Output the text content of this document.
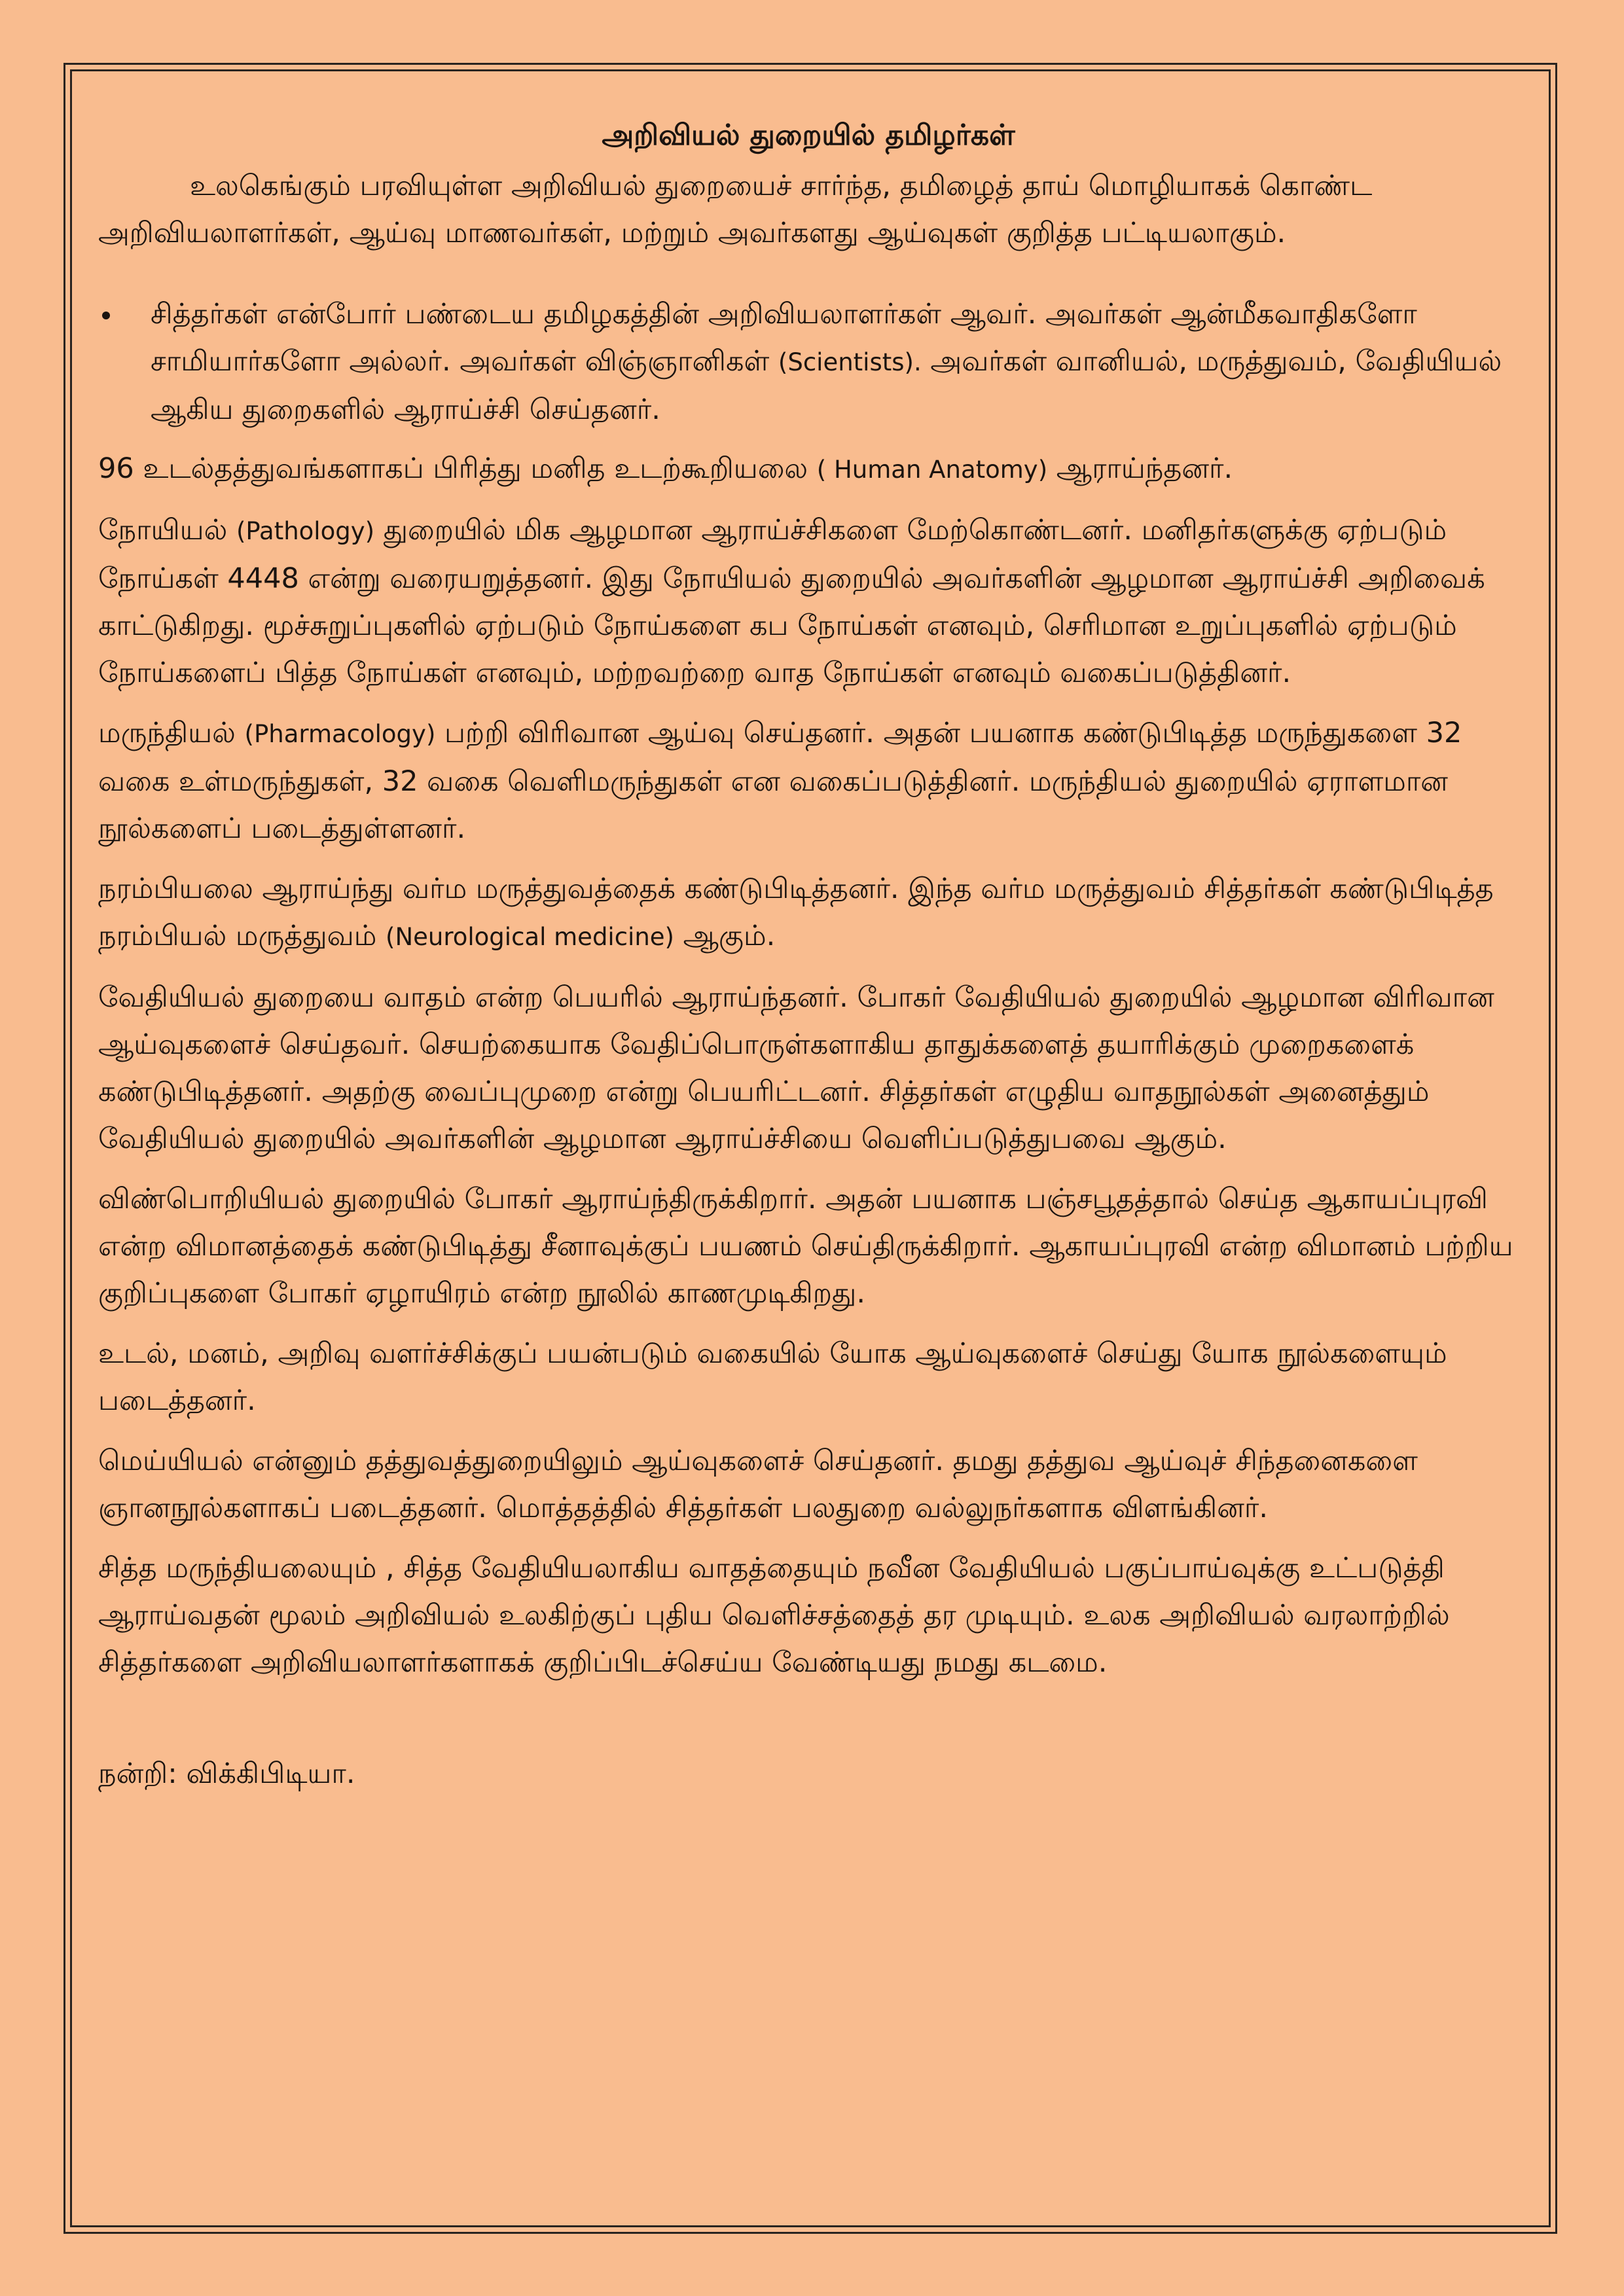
அறிவியல் துறையில் தமிழர்கள்

உலகெங்கும் பரவியுள்ள அறிவியல் துறையைச் சார்ந்த, தமிழைத் தாய் மொழியாகக் கொண்ட அறிவியலாளர்கள், ஆய்வு மாணவர்கள், மற்றும் அவர்களது ஆய்வுகள் குறித்த பட்டியலாகும்.

சித்தர்கள் என்போர் பண்டைய தமிழகத்தின் அறிவியலாளர்கள் ஆவர். அவர்கள் ஆன்மீகவாதிகளோ சாமியார்களோ அல்லர். அவர்கள் விஞ்ஞானிகள் (Scientists). அவர்கள் வானியல், மருத்துவம், வேதியியல் ஆகிய துறைகளில் ஆராய்ச்சி செய்தனர்.

96 உடல்தத்துவங்களாகப் பிரித்து மனித உடற்கூறியலை ( Human Anatomy) ஆராய்ந்தனர்.

நோயியல் (Pathology) துறையில் மிக ஆழமான ஆராய்ச்சிகளை மேற்கொண்டனர். மனிதர்களுக்கு ஏற்படும் நோய்கள் 4448 என்று வரையறுத்தனர். இது நோயியல் துறையில் அவர்களின் ஆழமான ஆராய்ச்சி அறிவைக் காட்டுகிறது. மூச்சுறுப்புகளில் ஏற்படும் நோய்களை கப நோய்கள் எனவும், செரிமான உறுப்புகளில் ஏற்படும் நோய்களைப் பித்த நோய்கள் எனவும், மற்றவற்றை வாத நோய்கள் எனவும் வகைப்படுத்தினர்.

மருந்தியல் (Pharmacology) பற்றி விரிவான ஆய்வு செய்தனர். அதன் பயனாக கண்டுபிடித்த மருந்துகளை 32 வகை உள்மருந்துகள், 32 வகை வெளிமருந்துகள் என வகைப்படுத்தினர். மருந்தியல் துறையில் ஏராளமான நூல்களைப் படைத்துள்ளனர்.

நரம்பியலை ஆராய்ந்து வர்ம மருத்துவத்தைக் கண்டுபிடித்தனர். இந்த வர்ம மருத்துவம் சித்தர்கள் கண்டுபிடித்த நரம்பியல் மருத்துவம் (Neurological medicine) ஆகும்.

வேதியியல் துறையை வாதம் என்ற பெயரில் ஆராய்ந்தனர். போகர் வேதியியல் துறையில் ஆழமான விரிவான ஆய்வுகளைச் செய்தவர். செயற்கையாக வேதிப்பொருள்களாகிய தாதுக்களைத் தயாரிக்கும் முறைகளைக் கண்டுபிடித்தனர். அதற்கு வைப்புமுறை என்று பெயரிட்டனர். சித்தர்கள் எழுதிய வாதநூல்கள் அனைத்தும் வேதியியல் துறையில் அவர்களின் ஆழமான ஆராய்ச்சியை வெளிப்படுத்துபவை ஆகும்.

விண்பொறியியல் துறையில் போகர் ஆராய்ந்திருக்கிறார். அதன் பயனாக பஞ்சபூதத்தால் செய்த ஆகாயப்புரவி என்ற விமானத்தைக் கண்டுபிடித்து சீனாவுக்குப் பயணம் செய்திருக்கிறார். ஆகாயப்புரவி என்ற விமானம் பற்றிய குறிப்புகளை போகர் ஏழாயிரம் என்ற நூலில் காணமுடிகிறது.

உடல், மனம், அறிவு வளர்ச்சிக்குப் பயன்படும் வகையில் யோக ஆய்வுகளைச் செய்து யோக நூல்களையும் படைத்தனர்.

மெய்யியல் என்னும் தத்துவத்துறையிலும் ஆய்வுகளைச் செய்தனர். தமது தத்துவ ஆய்வுச் சிந்தனைகளை ஞானநூல்களாகப் படைத்தனர். மொத்தத்தில் சித்தர்கள் பலதுறை வல்லுநர்களாக விளங்கினர்.

சித்த மருந்தியலையும் , சித்த வேதியியலாகிய வாதத்தையும் நவீன வேதியியல் பகுப்பாய்வுக்கு உட்படுத்தி ஆராய்வதன் மூலம் அறிவியல் உலகிற்குப் புதிய வெளிச்சத்தைத் தர முடியும். உலக அறிவியல் வரலாற்றில் சித்தர்களை அறிவியலாளர்களாகக் குறிப்பிடச்செய்ய வேண்டியது நமது கடமை.

நன்றி: விக்கிபிடியா.
